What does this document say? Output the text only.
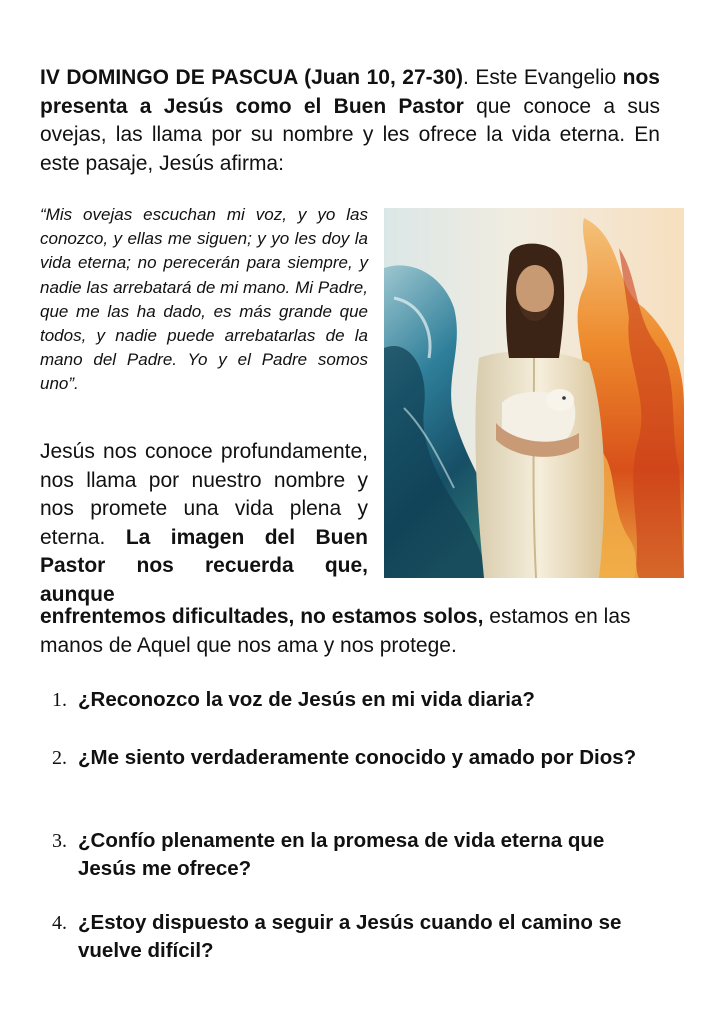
IV DOMINGO DE PASCUA (Juan 10, 27-30). Este Evangelio nos presenta a Jesús como el Buen Pastor que conoce a sus ovejas, las llama por su nombre y les ofrece la vida eterna. En este pasaje, Jesús afirma:

“Mis ovejas escuchan mi voz, y yo las conozco, y ellas me siguen; y yo les doy la vida eterna; no perecerán para siempre, y nadie las arrebatará de mi mano. Mi Padre, que me las ha dado, es más grande que todos, y nadie puede arrebatarlas de la mano del Padre. Yo y el Padre somos uno”.

Jesús nos conoce profundamente, nos llama por nuestro nombre y nos promete una vida plena y eterna. La imagen del Buen Pastor nos recuerda que, aunque

enfrentemos dificultades, no estamos solos, estamos en las manos de Aquel que nos ama y nos protege.

1. ¿Reconozco la voz de Jesús en mi vida diaria?
2. ¿Me siento verdaderamente conocido y amado por Dios?
3. ¿Confío plenamente en la promesa de vida eterna que Jesús me ofrece?
4. ¿Estoy dispuesto a seguir a Jesús cuando el camino se vuelve difícil?
